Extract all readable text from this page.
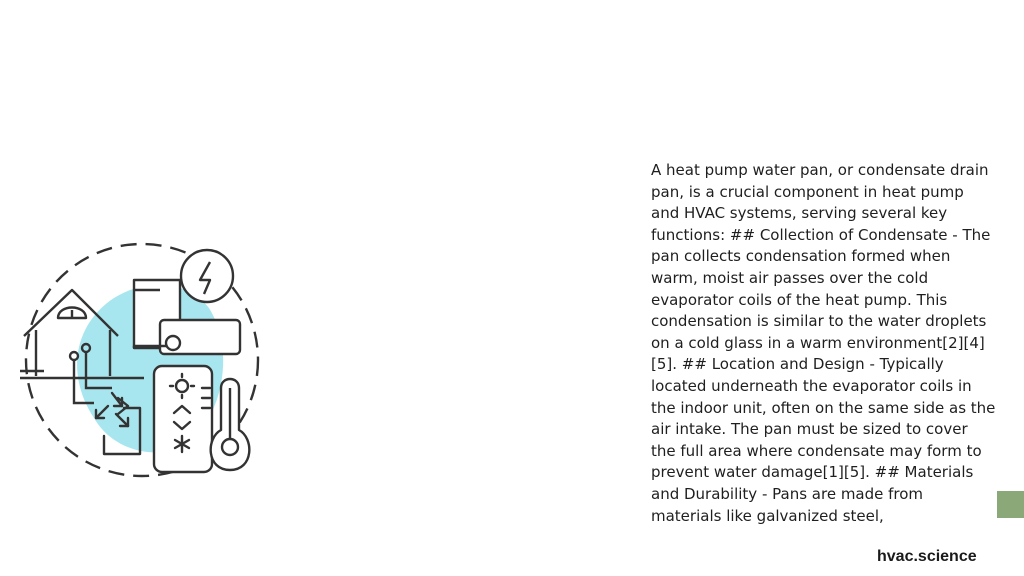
A heat pump water pan, or condensate drain pan, is a crucial component in heat pump and HVAC systems, serving several key functions: ## Collection of Condensate - The pan collects condensation formed when warm, moist air passes over the cold evaporator coils of the heat pump. This condensation is similar to the water droplets on a cold glass in a warm environment[2][4][5]. ## Location and Design - Typically located underneath the evaporator coils in the indoor unit, often on the same side as the air intake. The pan must be sized to cover the full area where condensate may form to prevent water damage[1][5]. ## Materials and Durability - Pans are made from materials like galvanized steel,

hvac.science
